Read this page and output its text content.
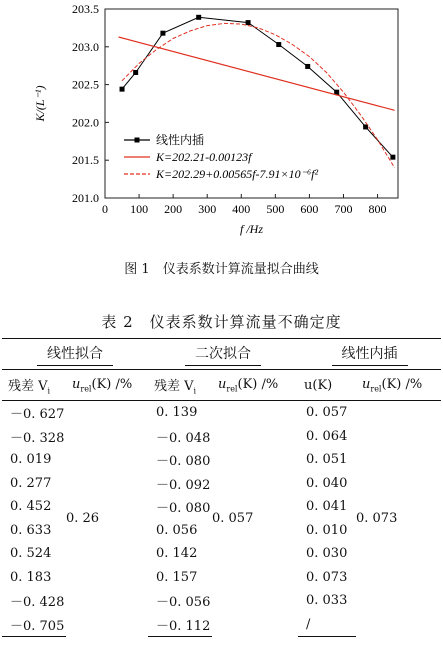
0 100 200 300 400 500 600 700 800
201.0
201.5
202.0
202.5
203.0
203.5
f /Hz
K/(L⁻¹)
线性内插
K=202.21-0.00123f
K=202.29+0.00565f-7.91×10⁻⁶f²
图 1　仪表系数计算流量拟合曲线
表 2　仪表系数计算流量不确定度
线性拟合		二次拟合		线性内插	
残差 $V_i$	$u_{rel}(K)$ /%	残差 $V_i$	$u_{rel}(K)$ /%	u(K)	$u_{rel}(K)$ /%
－0. 627	0. 26	0. 139	0. 057	0. 057	0. 073
－0. 328		－0. 048		0. 064	
0. 019		－0. 080		0. 051	
0. 277		－0. 092		0. 040	
0. 452		－0. 080		0. 041	
0. 633		0. 056		0. 010	
0. 524		0. 142		0. 030	
0. 183		0. 157		0. 073	
－0. 428		－0. 056		0. 033	
－0. 705		－0. 112		/	
